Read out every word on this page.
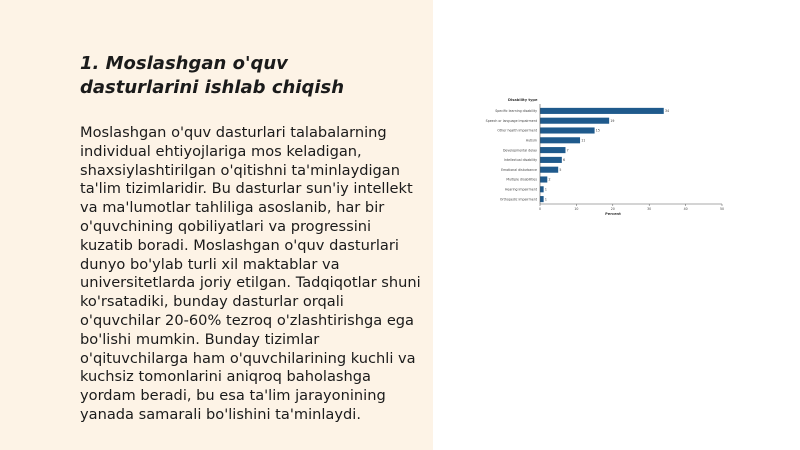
1. Moslashgan o'quv dasturlarini ishlab chiqish

Moslashgan o'quv dasturlari talabalarning individual ehtiyojlariga mos keladigan, shaxsiylashtirilgan o'qitishni ta'minlaydigan ta'lim tizimlaridir. Bu dasturlar sun'iy intellekt va ma'lumotlar tahliliga asoslanib, har bir o'quvchining qobiliyatlari va progressini kuzatib boradi. Moslashgan o'quv dasturlari dunyo bo'ylab turli xil maktablar va universitetlarda joriy etilgan. Tadqiqotlar shuni ko'rsatadiki, bunday dasturlar orqali o'quvchilar 20-60% tezroq o'zlashtirishga ega bo'lishi mumkin. Bunday tizimlar o'qituvchilarga ham o'quvchilarining kuchli va kuchsiz tomonlarini aniqroq baholashga yordam beradi, bu esa ta'lim jarayonining yanada samarali bo'lishini ta'minlaydi.

Disability type
Specific learning disability	34
Speech or language impairment	19
Other health impairment	15
Autism	11
Developmental delay	7
Intellectual disability	6
Emotional disturbance	5
Multiple disabilities	2
Hearing impairment 1
Orthopedic impairment 1
0	10	20	30	40	50
Percent
